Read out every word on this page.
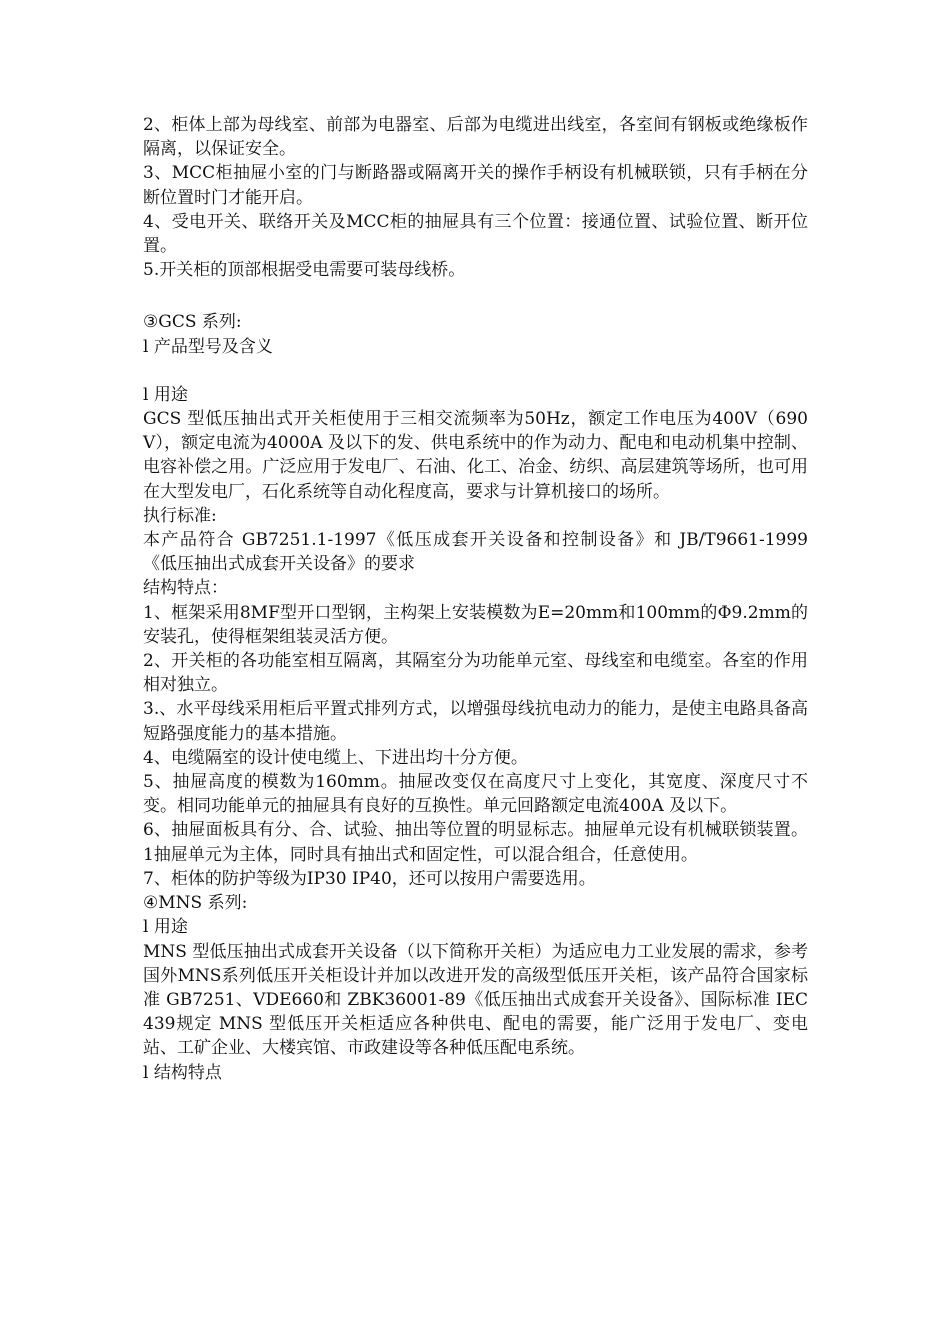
2、柜体上部为母线室、前部为电器室、后部为电缆进出线室，各室间有钢板或绝缘板作隔离，以保证安全。

3、MCC柜抽屉小室的门与断路器或隔离开关的操作手柄设有机械联锁，只有手柄在分断位置时门才能开启。

4、受电开关、联络开关及MCC柜的抽屉具有三个位置：接通位置、试验位置、断开位置。

5.开关柜的顶部根据受电需要可装母线桥。

③GCS 系列:

l 产品型号及含义

l 用途

GCS 型低压抽出式开关柜使用于三相交流频率为50Hz，额定工作电压为400V（690V），额定电流为4000A 及以下的发、供电系统中的作为动力、配电和电动机集中控制、电容补偿之用。广泛应用于发电厂、石油、化工、冶金、纺织、高层建筑等场所，也可用在大型发电厂，石化系统等自动化程度高，要求与计算机接口的场所。

执行标准:

本产品符合 GB7251.1-1997《低压成套开关设备和控制设备》和 JB/T9661-1999《低压抽出式成套开关设备》的要求

结构特点：

1、框架采用8MF型开口型钢，主构架上安装模数为E=20mm和100mm的Φ9.2mm的安装孔，使得框架组装灵活方便。

2、开关柜的各功能室相互隔离，其隔室分为功能单元室、母线室和电缆室。各室的作用相对独立。

3.、水平母线采用柜后平置式排列方式，以增强母线抗电动力的能力，是使主电路具备高短路强度能力的基本措施。

4、电缆隔室的设计使电缆上、下进出均十分方便。

5、抽屉高度的模数为160mm。抽屉改变仅在高度尺寸上变化，其宽度、深度尺寸不变。相同功能单元的抽屉具有良好的互换性。单元回路额定电流400A 及以下。

6、抽屉面板具有分、合、试验、抽出等位置的明显标志。抽屉单元设有机械联锁装置。1抽屉单元为主体，同时具有抽出式和固定性，可以混合组合，任意使用。

7、柜体的防护等级为IP30 IP40，还可以按用户需要选用。

④MNS 系列:

l 用途

MNS 型低压抽出式成套开关设备（以下简称开关柜）为适应电力工业发展的需求，参考国外MNS系列低压开关柜设计并加以改进开发的高级型低压开关柜，该产品符合国家标准 GB7251、VDE660和 ZBK36001-89《低压抽出式成套开关设备》、国际标准 IEC439规定 MNS 型低压开关柜适应各种供电、配电的需要，能广泛用于发电厂、变电站、工矿企业、大楼宾馆、市政建设等各种低压配电系统。

l 结构特点
